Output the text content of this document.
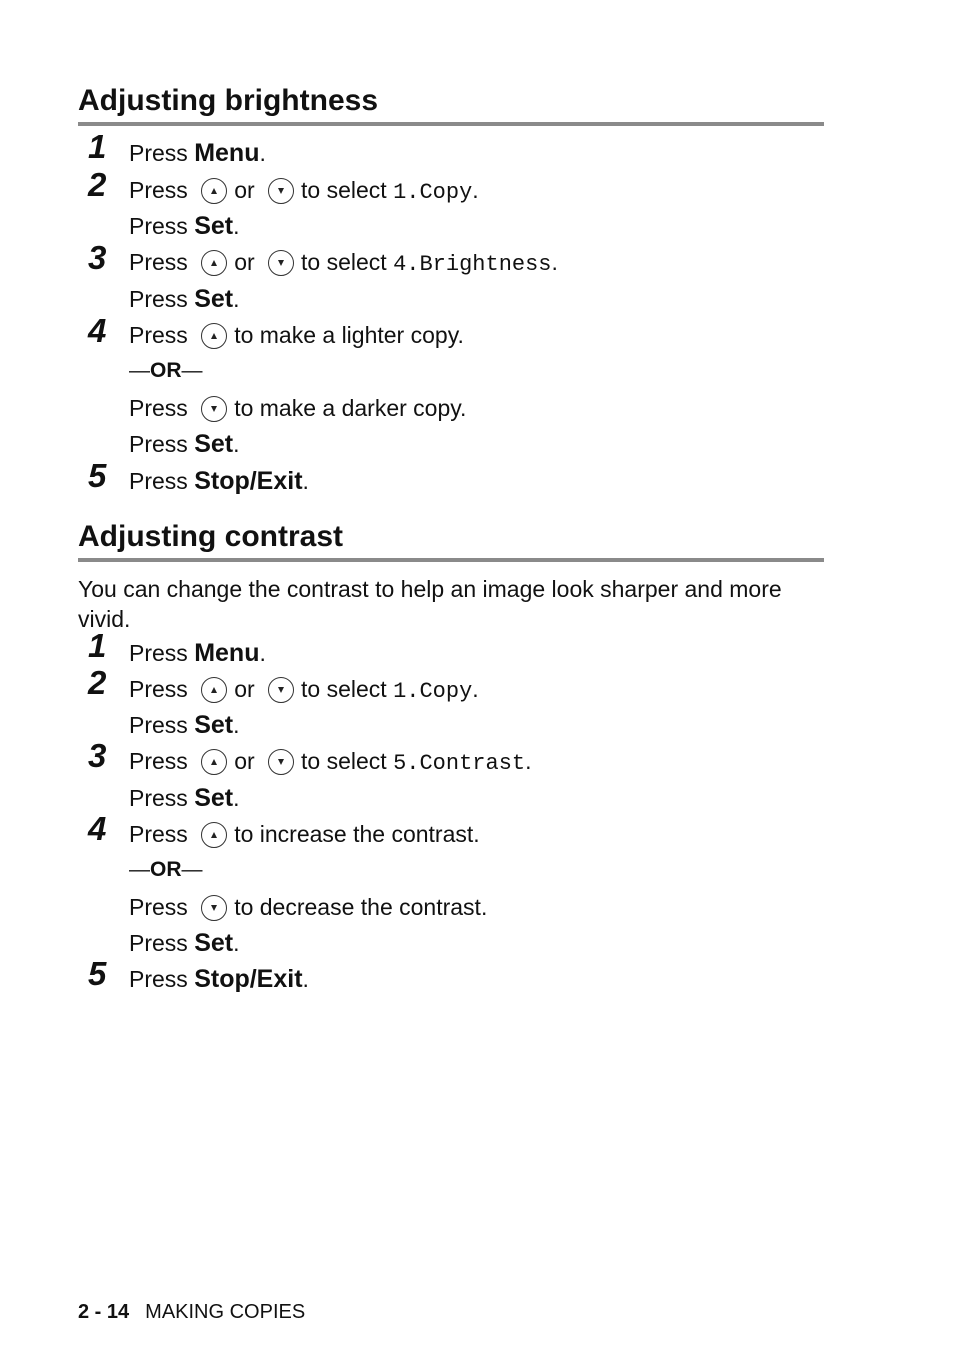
Adjusting brightness
1 Press Menu.
2 Press or to select 1.Copy.
Press Set.
3 Press or to select 4.Brightness.
Press Set.
4 Press to make a lighter copy.
—OR—
Press to make a darker copy.
Press Set.
5 Press Stop/Exit.
Adjusting contrast

You can change the contrast to help an image look sharper and more vivid.

1 Press Menu.
2 Press or to select 1.Copy.
Press Set.
3 Press or to select 5.Contrast.
Press Set.
4 Press to increase the contrast.
—OR—
Press to decrease the contrast.
Press Set.
5 Press Stop/Exit.
2 - 14 MAKING COPIES
